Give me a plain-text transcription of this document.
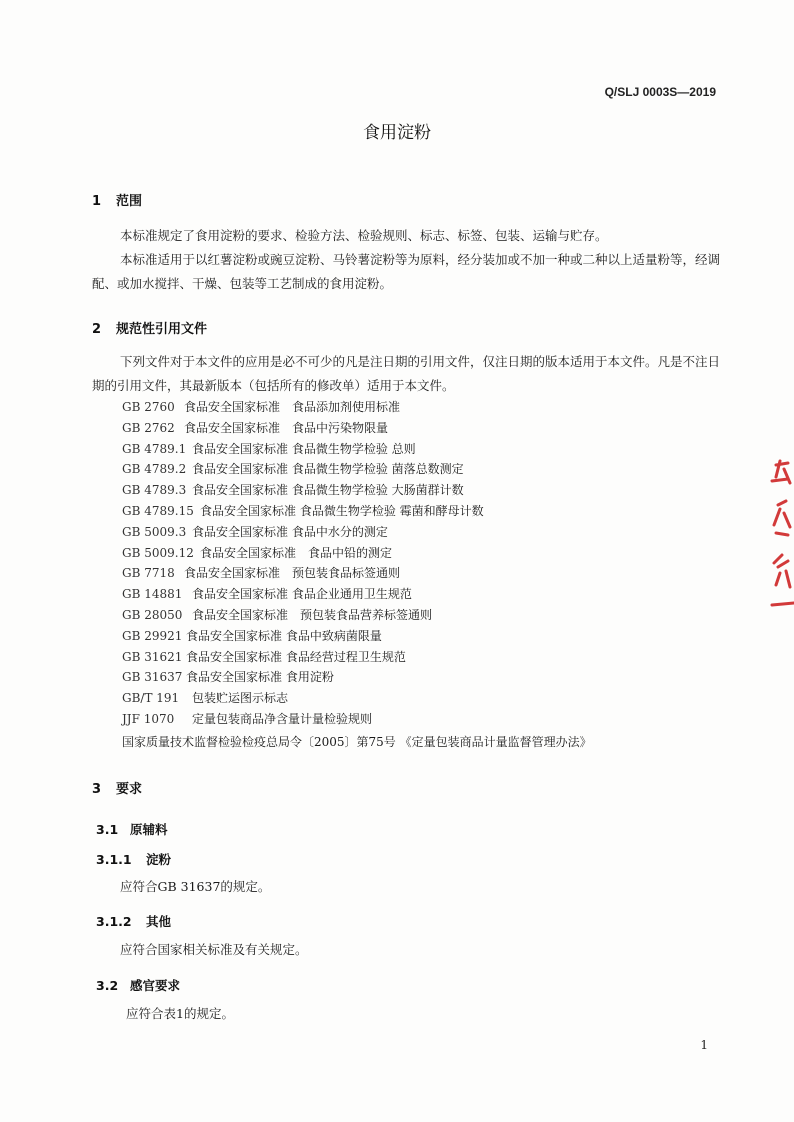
Q/SLJ 0003S—2019
食用淀粉
1 范围
本标准规定了食用淀粉的要求、检验方法、检验规则、标志、标签、包装、运输与贮存。
本标准适用于以红薯淀粉或豌豆淀粉、马铃薯淀粉等为原料，经分装加或不加一种或二种以上适量粉等，经调配、或加水搅拌、干燥、包装等工艺制成的食用淀粉。
2 规范性引用文件
下列文件对于本文件的应用是必不可少的凡是注日期的引用文件，仅注日期的版本适用于本文件。凡是不注日期的引用文件，其最新版本（包括所有的修改单）适用于本文件。
GB 2760 食品安全国家标准　食品添加剂使用标准
GB 2762 食品安全国家标准　食品中污染物限量
GB 4789.1 食品安全国家标准 食品微生物学检验 总则
GB 4789.2 食品安全国家标准 食品微生物学检验 菌落总数测定
GB 4789.3 食品安全国家标准 食品微生物学检验 大肠菌群计数
GB 4789.15 食品安全国家标准 食品微生物学检验 霉菌和酵母计数
GB 5009.3 食品安全国家标准 食品中水分的测定
GB 5009.12 食品安全国家标准　食品中铅的测定
GB 7718 食品安全国家标准　预包装食品标签通则
GB 14881 食品安全国家标准 食品企业通用卫生规范
GB 28050 食品安全国家标准　预包装食品营养标签通则
GB 29921 食品安全国家标准 食品中致病菌限量
GB 31621 食品安全国家标准 食品经营过程卫生规范
GB 31637 食品安全国家标准 食用淀粉
GB/T 191 包装贮运图示标志
JJF 1070 定量包装商品净含量计量检验规则
国家质量技术监督检验检疫总局令〔2005〕第75号 《定量包装商品计量监督管理办法》
3 要求
3.1 原辅料
3.1.1 淀粉
应符合GB 31637的规定。
3.1.2 其他
应符合国家相关标准及有关规定。
3.2 感官要求
应符合表1的规定。
1
